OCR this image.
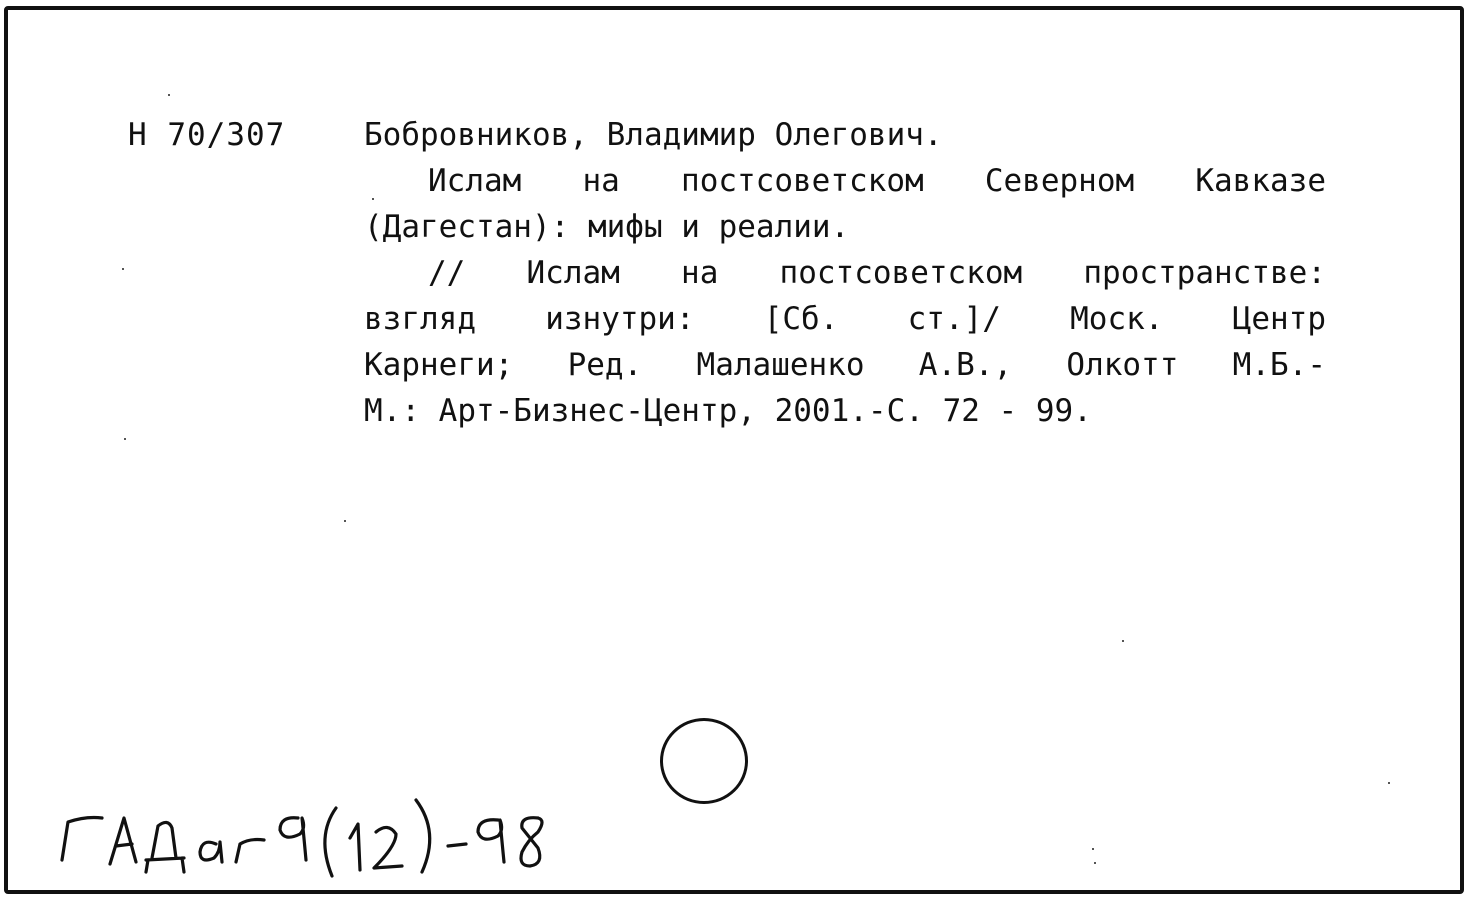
Н 70/307	Бобровников, Владимир Олегович.
Ислам на постсоветском Северном Кавказе
(Дагестан): мифы и реалии.
// Ислам на постсоветском пространстве:
взгляд изнутри: [Сб. ст.]/ Моск. Центр
Карнеги; Ред. Малашенко А.В., Олкотт М.Б.-
М.: Арт-Бизнес-Центр, 2001.-С. 72 - 99.
